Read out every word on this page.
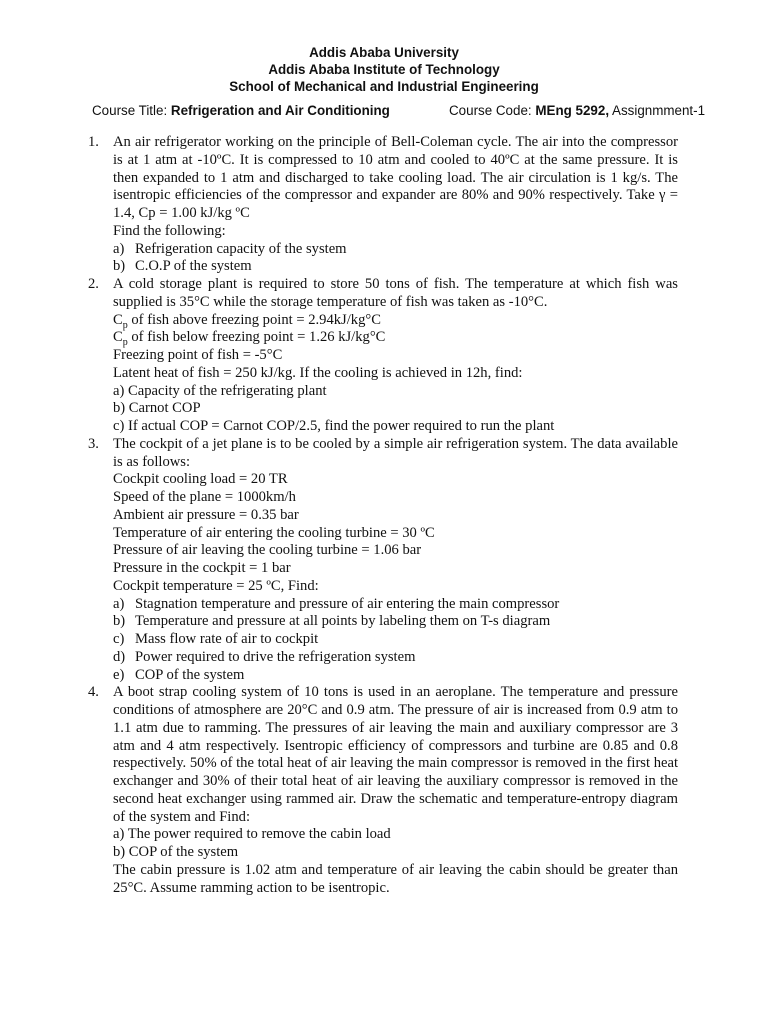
Addis Ababa University
Addis Ababa Institute of Technology
School of Mechanical and Industrial Engineering
Course Title: Refrigeration and Air Conditioning	Course Code: MEng 5292, Assignmment-1
1. An air refrigerator working on the principle of Bell-Coleman cycle. The air into the compressor is at 1 atm at -10ºC. It is compressed to 10 atm and cooled to 40ºC at the same pressure. It is then expanded to 1 atm and discharged to take cooling load. The air circulation is 1 kg/s. The isentropic efficiencies of the compressor and expander are 80% and 90% respectively. Take γ = 1.4, Cp = 1.00 kJ/kg ºC
Find the following:
a) Refrigeration capacity of the system
b) C.O.P of the system
2. A cold storage plant is required to store 50 tons of fish. The temperature at which fish was supplied is 35°C while the storage temperature of fish was taken as -10°C.
$C_p$ of fish above freezing point = 2.94kJ/kg°C
$C_p$ of fish below freezing point = 1.26 kJ/kg°C
Freezing point of fish = -5°C
Latent heat of fish = 250 kJ/kg. If the cooling is achieved in 12h, find:
a) Capacity of the refrigerating plant
b) Carnot COP
c) If actual COP = Carnot COP/2.5, find the power required to run the plant
3. The cockpit of a jet plane is to be cooled by a simple air refrigeration system. The data available is as follows:
Cockpit cooling load = 20 TR
Speed of the plane = 1000km/h
Ambient air pressure = 0.35 bar
Temperature of air entering the cooling turbine = 30 ºC
Pressure of air leaving the cooling turbine = 1.06 bar
Pressure in the cockpit = 1 bar
Cockpit temperature = 25 ºC, Find:
a) Stagnation temperature and pressure of air entering the main compressor
b) Temperature and pressure at all points by labeling them on T-s diagram
c) Mass flow rate of air to cockpit
d) Power required to drive the refrigeration system
e) COP of the system
4. A boot strap cooling system of 10 tons is used in an aeroplane. The temperature and pressure conditions of atmosphere are 20°C and 0.9 atm. The pressure of air is increased from 0.9 atm to 1.1 atm due to ramming. The pressures of air leaving the main and auxiliary compressor are 3 atm and 4 atm respectively. Isentropic efficiency of compressors and turbine are 0.85 and 0.8 respectively. 50% of the total heat of air leaving the main compressor is removed in the first heat exchanger and 30% of their total heat of air leaving the auxiliary compressor is removed in the second heat exchanger using rammed air. Draw the schematic and temperature-entropy diagram of the system and Find:
a) The power required to remove the cabin load
b) COP of the system
The cabin pressure is 1.02 atm and temperature of air leaving the cabin should be greater than 25°C. Assume ramming action to be isentropic.
